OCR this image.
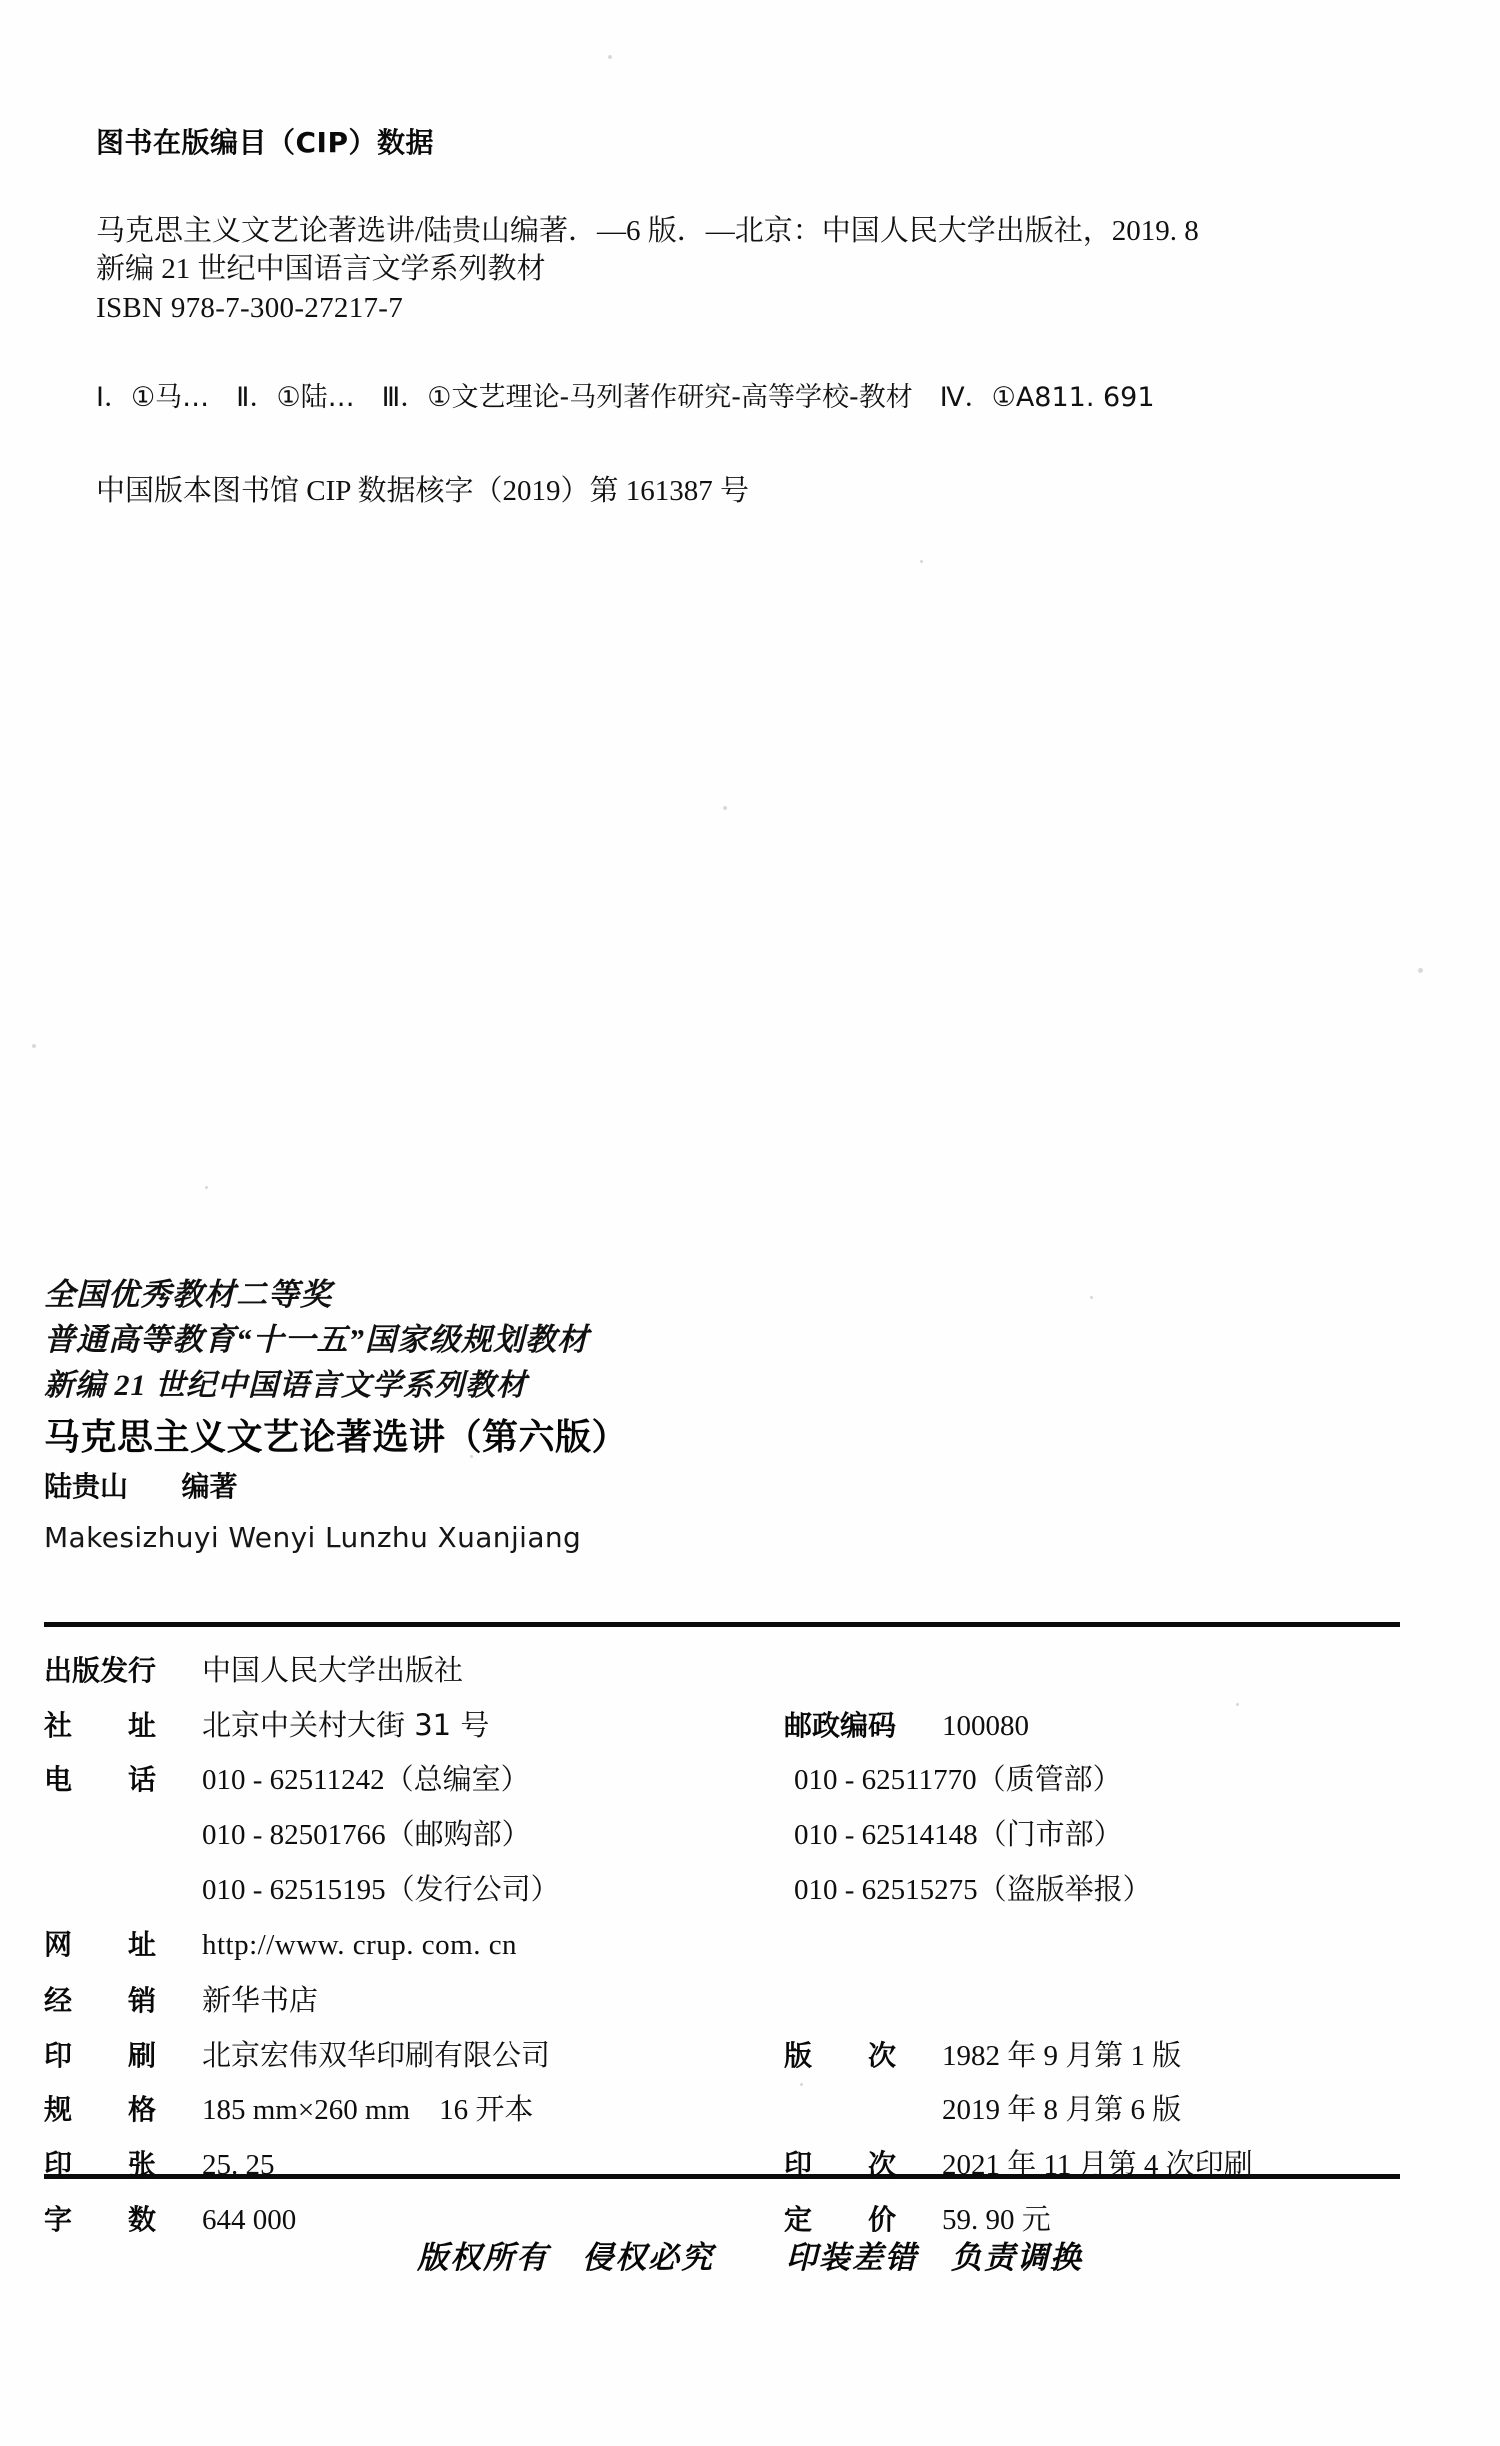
图书在版编目（CIP）数据

马克思主义文艺论著选讲/陆贵山编著．—6 版．—北京：中国人民大学出版社，2019. 8

新编 21 世纪中国语言文学系列教材

ISBN 978-7-300-27217-7

Ⅰ．①马…　Ⅱ．①陆…　Ⅲ．①文艺理论-马列著作研究-高等学校-教材　Ⅳ．①A811. 691

中国版本图书馆 CIP 数据核字（2019）第 161387 号

全国优秀教材二等奖

普通高等教育“十一五”国家级规划教材

新编 21 世纪中国语言文学系列教材

马克思主义文艺论著选讲（第六版）

陆贵山 编著

Makesizhuyi Wenyi Lunzhu Xuanjiang

出版发行	中国人民大学出版社
社　　址	北京中关村大街 31 号	邮政编码	100080
电　　话	010 - 62511242（总编室）	010 - 62511770（质管部）
010 - 82501766（邮购部）	010 - 62514148（门市部）
010 - 62515195（发行公司）	010 - 62515275（盗版举报）
网　　址	http://www. crup. com. cn
经　　销	新华书店
印　　刷	北京宏伟双华印刷有限公司	版　　次	1982 年 9 月第 1 版
规　　格	185 mm×260 mm　16 开本	2019 年 8 月第 6 版
印　　张	25. 25	印　　次	2021 年 11 月第 4 次印刷
字　　数	644 000	定　　价	59. 90 元
版权所有　侵权必究 印装差错　负责调换
